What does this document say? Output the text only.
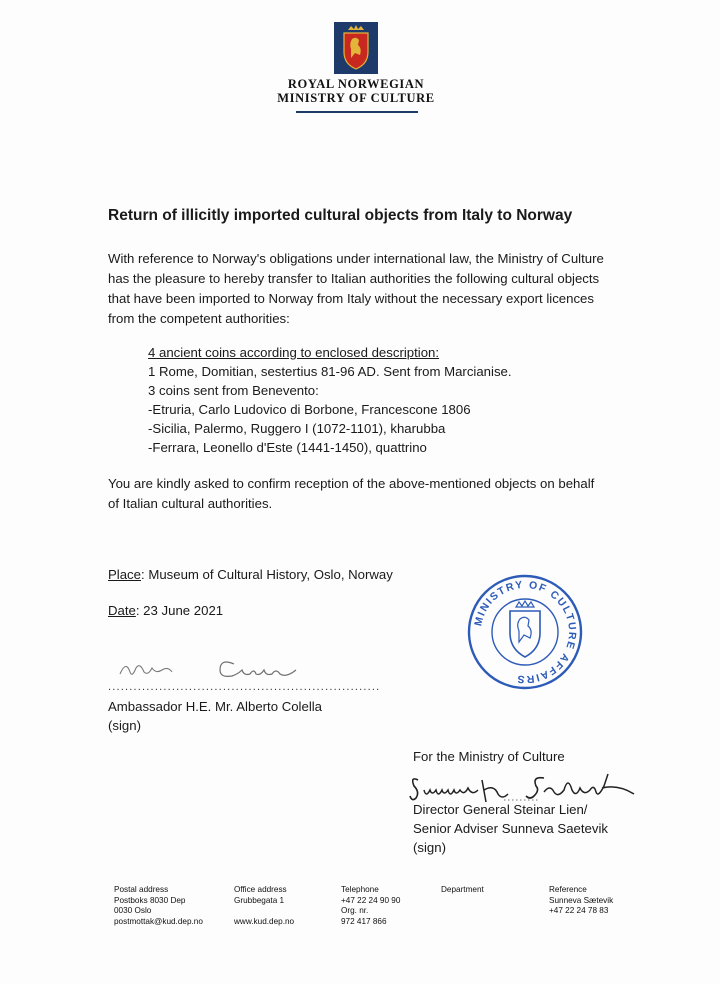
ROYAL NORWEGIAN
MINISTRY OF CULTURE
Return of illicitly imported cultural objects from Italy to Norway
With reference to Norway's obligations under international law, the Ministry of Culture
has the pleasure to hereby transfer to Italian authorities the following cultural objects
that have been imported to Norway from Italy without the necessary export licences
from the competent authorities:
4 ancient coins according to enclosed description:
1 Rome, Domitian, sestertius 81-96 AD. Sent from Marcianise.
3 coins sent from Benevento:
-Etruria, Carlo Ludovico di Borbone, Francescone 1806
-Sicilia, Palermo, Ruggero I (1072-1101), kharubba
-Ferrara, Leonello d'Este (1441-1450), quattrino
You are kindly asked to confirm reception of the above-mentioned objects on behalf
of Italian cultural authorities.
Place: Museum of Cultural History, Oslo, Norway
Date: 23 June 2021
................................................................
Ambassador H.E. Mr. Alberto Colella
(sign)
MINISTRY OF CULTURE AFFAIRS
For the Ministry of Culture
Director General Steinar Lien/
Senior Adviser Sunneva Saetevik
(sign)
Postal address
Postboks 8030 Dep
0030 Oslo
postmottak@kud.dep.no
Office address
Grubbegata 1

www.kud.dep.no
Telephone
+47 22 24 90 90
Org. nr.
972 417 866
Department	Reference
Sunneva Sætevik
+47 22 24 78 83
